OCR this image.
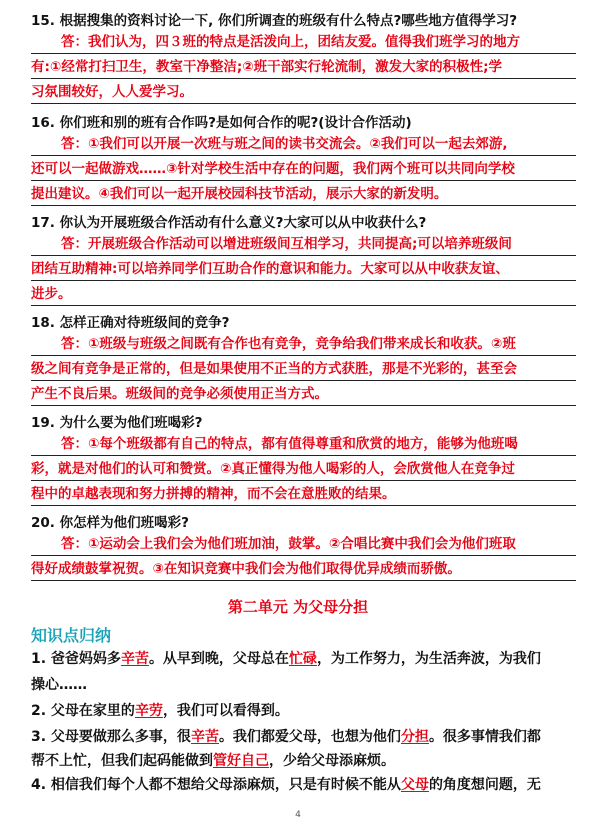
15. 根据搜集的资料讨论一下, 你们所调查的班级有什么特点?哪些地方值得学习?
答：我们认为，四３班的特点是活泼向上，团结友爱。值得我们班学习的地方
有:①经常打扫卫生，教室干净整洁;②班干部实行轮流制，激发大家的积极性;学
习氛围较好，人人爱学习。
16. 你们班和别的班有合作吗?是如何合作的呢?(设计合作活动)
答：①我们可以开展一次班与班之间的读书交流会。②我们可以一起去郊游,
还可以一起做游戏……③针对学校生活中存在的问题，我们两个班可以共同向学校
提出建议。④我们可以一起开展校园科技节活动，展示大家的新发明。
17. 你认为开展班级合作活动有什么意义?大家可以从中收获什么?
答：开展班级合作活动可以增进班级间互相学习，共同提高;可以培养班级间
团结互助精神:可以培养同学们互助合作的意识和能力。大家可以从中收获友谊、
进步。
18. 怎样正确对待班级间的竞争?
答：①班级与班级之间既有合作也有竞争，竞争给我们带来成长和收获。②班
级之间有竞争是正常的，但是如果使用不正当的方式获胜，那是不光彩的，甚至会
产生不良后果。班级间的竞争必须使用正当方式。
19. 为什么要为他们班喝彩?
答：①每个班级都有自己的特点，都有值得尊重和欣赏的地方，能够为他班喝
彩，就是对他们的认可和赞赏。②真正懂得为他人喝彩的人，会欣赏他人在竞争过
程中的卓越表现和努力拼搏的精神，而不会在意胜败的结果。
20. 你怎样为他们班喝彩?
答：①运动会上我们会为他们班加油，鼓掌。②合唱比赛中我们会为他们班取
得好成绩鼓掌祝贺。③在知识竞赛中我们会为他们取得优异成绩而骄傲。
第二单元 为父母分担
知识点归纳
1. 爸爸妈妈多辛苦。从早到晚，父母总在忙碌，为工作努力，为生活奔波，为我们
操心……
2. 父母在家里的辛劳，我们可以看得到。
3. 父母要做那么多事，很辛苦。我们都爱父母，也想为他们分担。很多事情我们都
帮不上忙，但我们起码能做到管好自己，少给父母添麻烦。
4. 相信我们每个人都不想给父母添麻烦，只是有时候不能从父母的角度想问题，无
4
